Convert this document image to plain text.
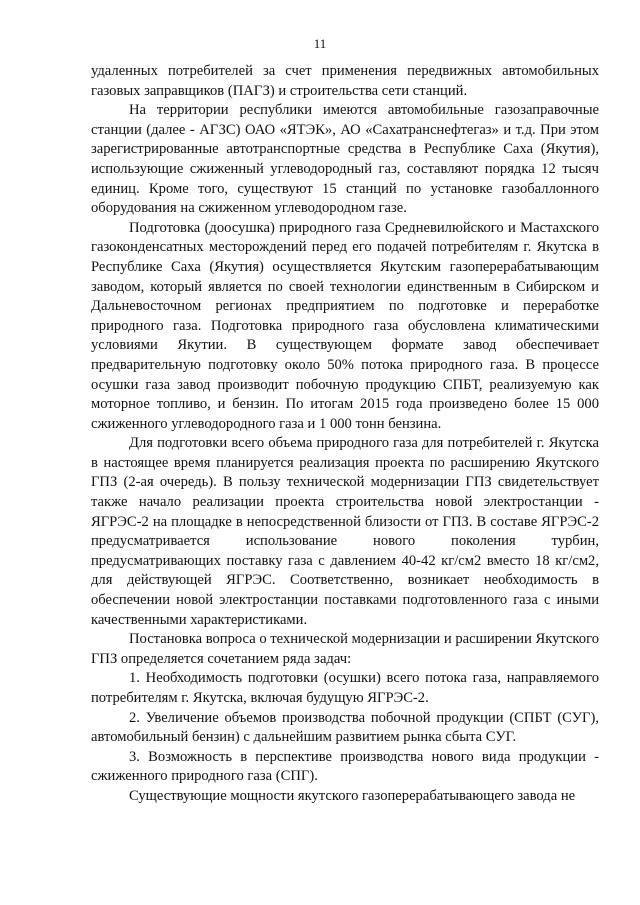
11

удаленных потребителей за счет применения передвижных автомобильных газовых заправщиков (ПАГЗ) и строительства сети станций.

На территории республики имеются автомобильные газозаправочные станции (далее - АГЗС) ОАО «ЯТЭК», АО «Сахатранснефтегаз» и т.д. При этом зарегистрированные автотранспортные средства в Республике Саха (Якутия), использующие сжиженный углеводородный газ, составляют порядка 12 тысяч единиц. Кроме того, существуют 15 станций по установке газобаллонного оборудования на сжиженном углеводородном газе.

Подготовка (доосушка) природного газа Средневилюйского и Мастахского газоконденсатных месторождений перед его подачей потребителям г. Якутска в Республике Саха (Якутия) осуществляется Якутским газоперерабатывающим заводом, который является по своей технологии единственным в Сибирском и Дальневосточном регионах предприятием по подготовке и переработке природного газа. Подготовка природного газа обусловлена климатическими условиями Якутии. В существующем формате завод обеспечивает предварительную подготовку около 50% потока природного газа. В процессе осушки газа завод производит побочную продукцию СПБТ, реализуемую как моторное топливо, и бензин. По итогам 2015 года произведено более 15 000 сжиженного углеводородного газа и 1 000 тонн бензина.

Для подготовки всего объема природного газа для потребителей г. Якутска в настоящее время планируется реализация проекта по расширению Якутского ГПЗ (2-ая очередь). В пользу технической модернизации ГПЗ свидетельствует также начало реализации проекта строительства новой электростанции - ЯГРЭС-2 на площадке в непосредственной близости от ГПЗ. В составе ЯГРЭС-2 предусматривается использование нового поколения турбин, предусматривающих поставку газа с давлением 40-42 кг/см2 вместо 18 кг/см2, для действующей ЯГРЭС. Соответственно, возникает необходимость в обеспечении новой электростанции поставками подготовленного газа с иными качественными характеристиками.

Постановка вопроса о технической модернизации и расширении Якутского ГПЗ определяется сочетанием ряда задач:

1. Необходимость подготовки (осушки) всего потока газа, направляемого потребителям г. Якутска, включая будущую ЯГРЭС-2.

2. Увеличение объемов производства побочной продукции (СПБТ (СУГ), автомобильный бензин) с дальнейшим развитием рынка сбыта СУГ.

3. Возможность в перспективе производства нового вида продукции - сжиженного природного газа (СПГ).

Существующие мощности якутского газоперерабатывающего завода не
